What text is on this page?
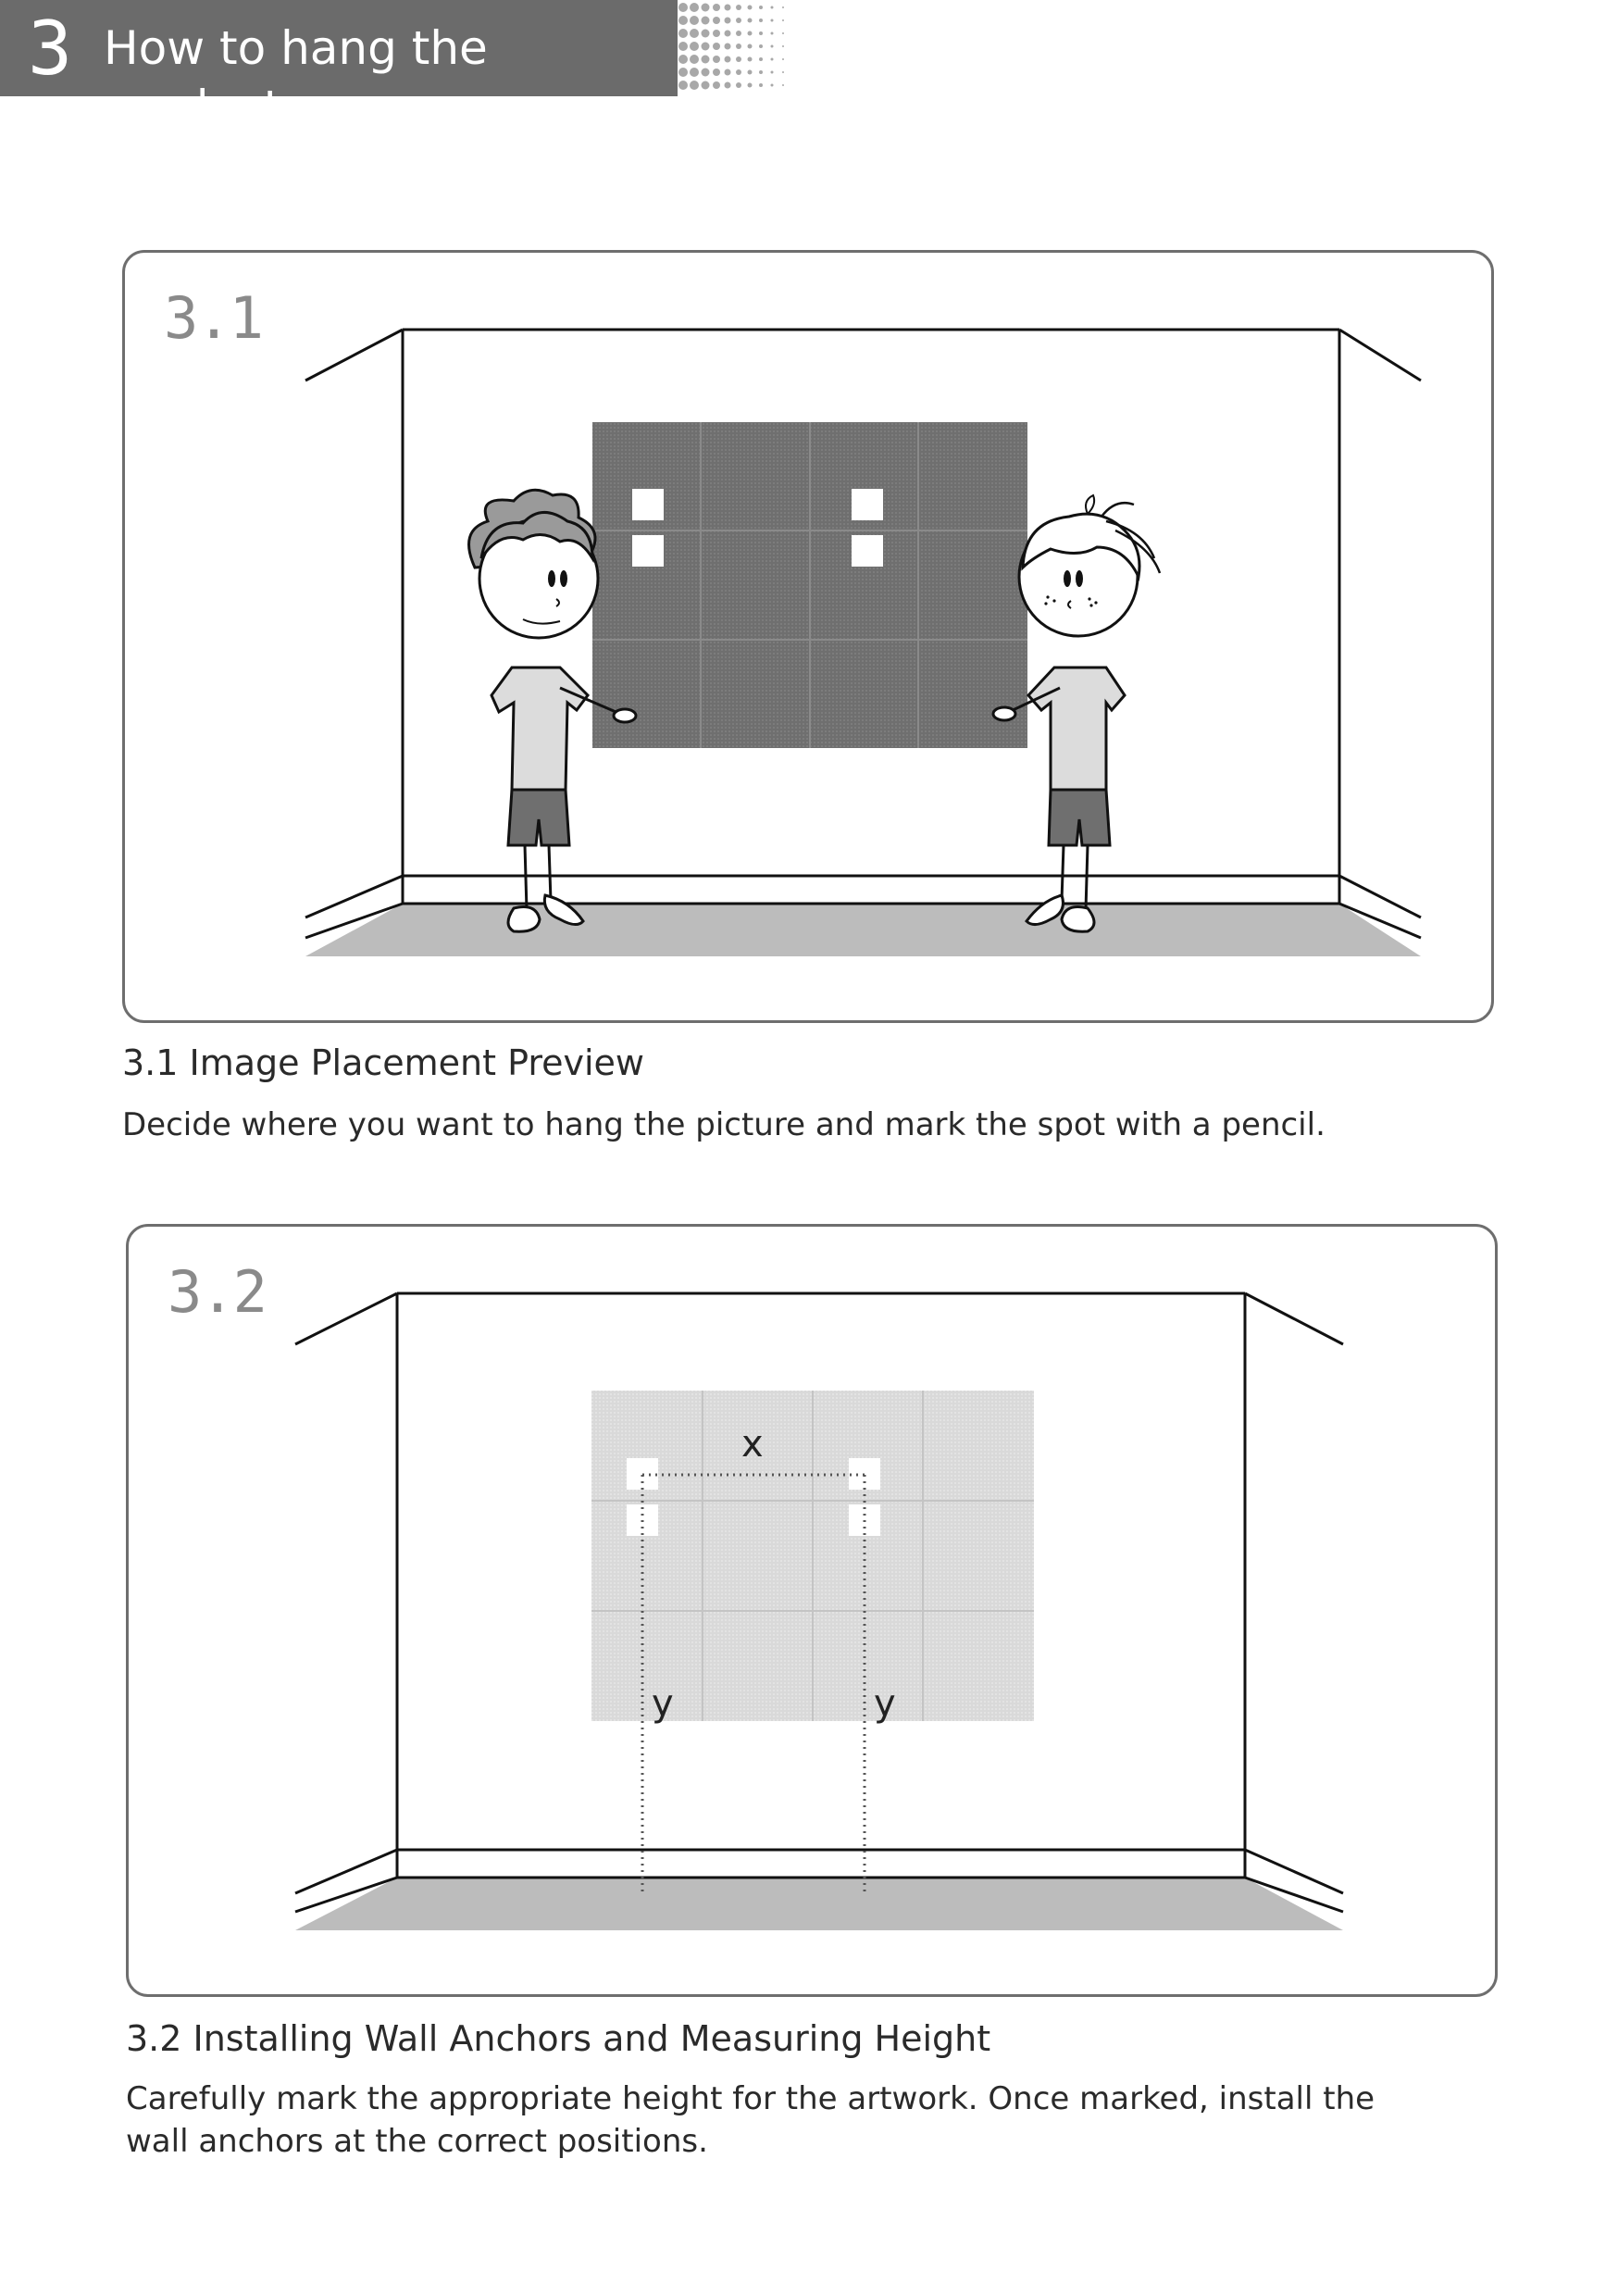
3 How to hang the product
3.1
3.1 Image Placement Preview
Decide where you want to hang the picture and mark the spot with a pencil.
3.2
x
y	y
3.2 Installing Wall Anchors and Measuring Height
Carefully mark the appropriate height for the artwork. Once marked, install the wall anchors at the correct positions.
